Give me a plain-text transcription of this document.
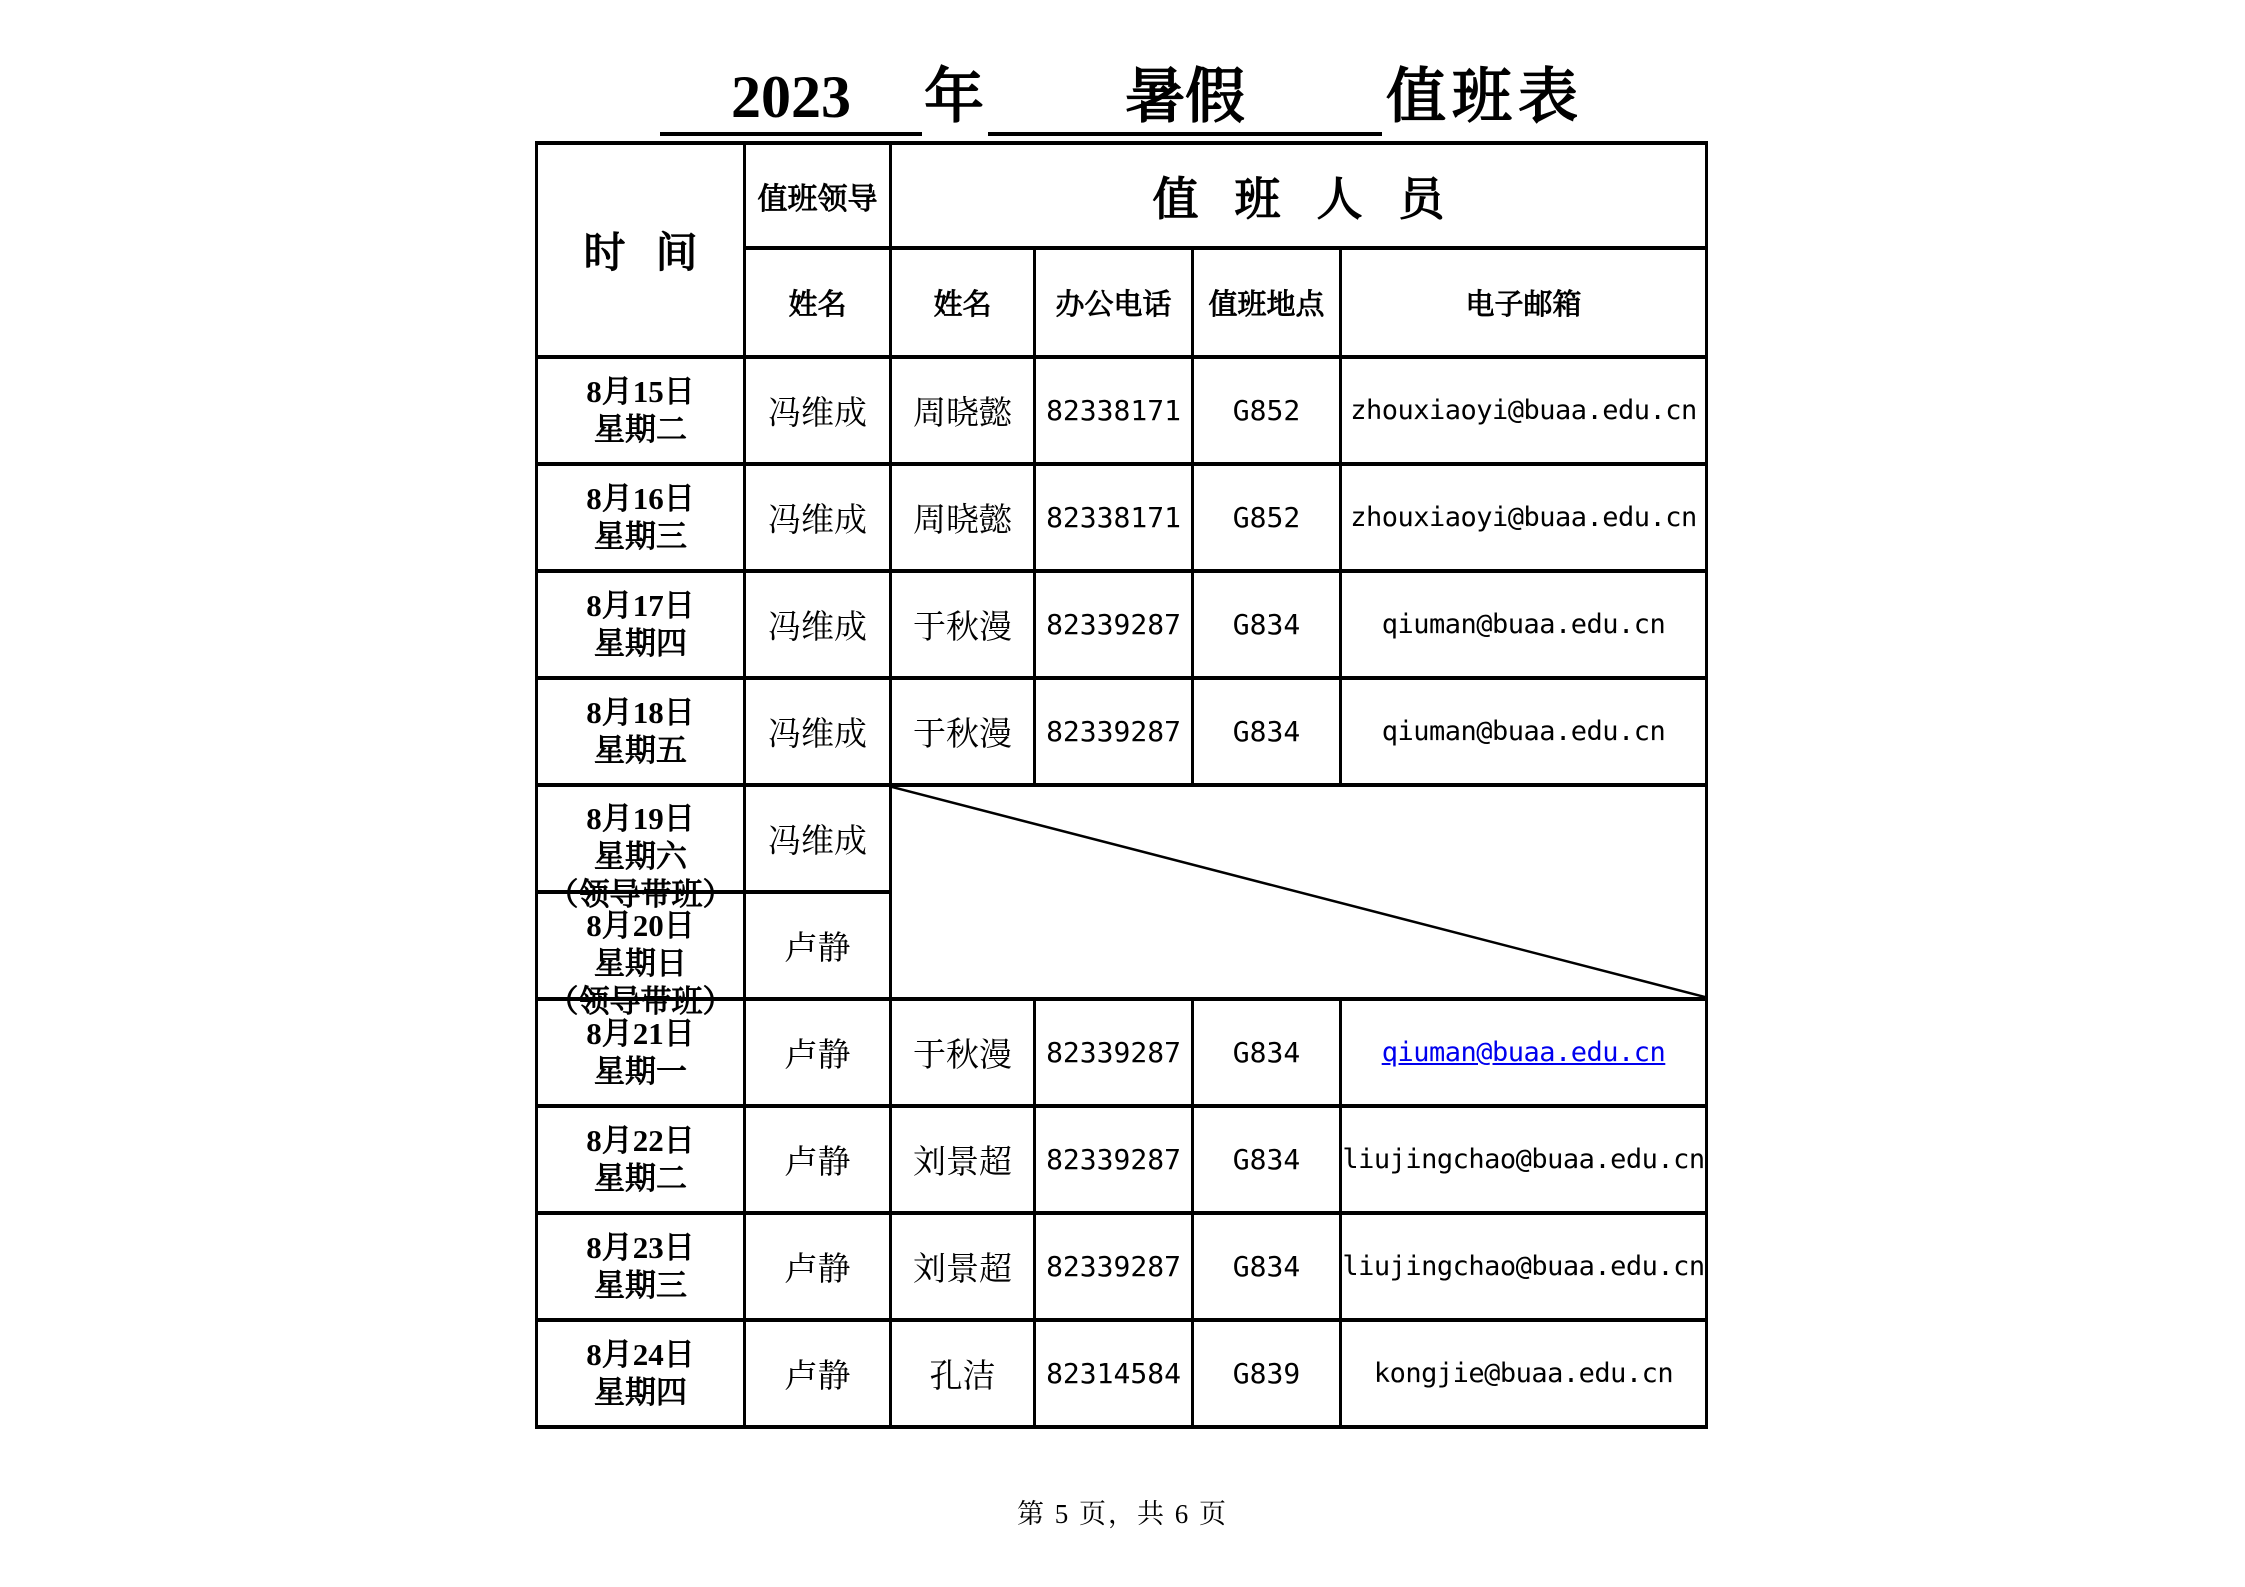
2023 年 暑假 值班表
时间	值班领导	值班人员			
	姓名	姓名	办公电话	值班地点	电子邮箱

8月15日
星期二	冯维成	周晓懿	82338171	G852	zhouxiaoyi@buaa.edu.cn

8月16日
星期三	冯维成	周晓懿	82338171	G852	zhouxiaoyi@buaa.edu.cn

8月17日
星期四	冯维成	于秋漫	82339287	G834	qiuman@buaa.edu.cn

8月18日
星期五	冯维成	于秋漫	82339287	G834	qiuman@buaa.edu.cn

8月19日
星期六
（领导带班）	冯维成	

8月20日
星期日
（领导带班）	卢静				

8月21日
星期一	卢静	于秋漫	82339287	G834	qiuman@buaa.edu.cn

8月22日
星期二	卢静	刘景超	82339287	G834	liujingchao@buaa.edu.cn

8月23日
星期三	卢静	刘景超	82339287	G834	liujingchao@buaa.edu.cn

8月24日
星期四	卢静	孔洁	82314584	G839	kongjie@buaa.edu.cn
第 5 页，共 6 页
